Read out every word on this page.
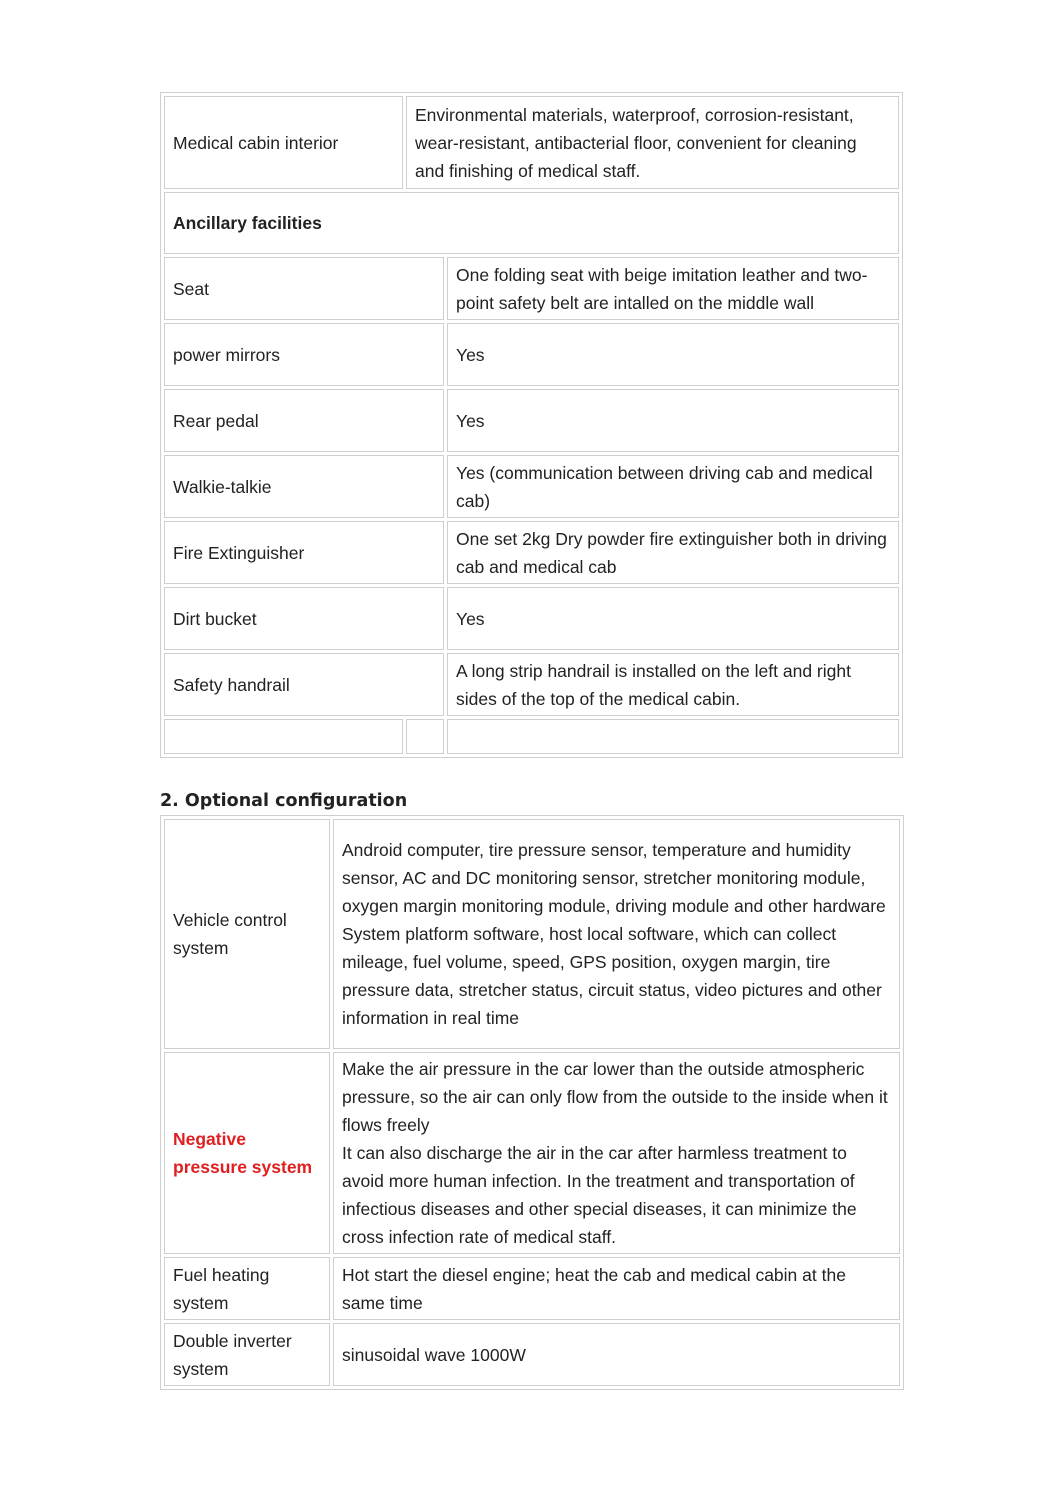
Medical cabin interior	Environmental materials, waterproof, corrosion-resistant, wear-resistant, antibacterial floor, convenient for cleaning and finishing of medical staff.	
Ancillary facilities		
Seat		One folding seat with beige imitation leather and two-point safety belt are intalled on the middle wall
power mirrors		Yes
Rear pedal		Yes
Walkie-talkie		Yes (communication between driving cab and medical cab)
Fire Extinguisher		One set 2kg Dry powder fire extinguisher both in driving cab and medical cab
Dirt bucket		Yes
Safety handrail		A long strip handrail is installed on the left and right sides of the top of the medical cabin.

2. Optional configuration
Vehicle control system	Android computer, tire pressure sensor, temperature and humidity sensor, AC and DC monitoring sensor, stretcher monitoring module, oxygen margin monitoring module, driving module and other hardware
System platform software, host local software, which can collect mileage, fuel volume, speed, GPS position, oxygen margin, tire pressure data, stretcher status, circuit status, video pictures and other information in real time

Negative pressure system	Make the air pressure in the car lower than the outside atmospheric pressure, so the air can only flow from the outside to the inside when it flows freely
It can also discharge the air in the car after harmless treatment to avoid more human infection. In the treatment and transportation of infectious diseases and other special diseases, it can minimize the cross infection rate of medical staff.

Fuel heating system	Hot start the diesel engine; heat the cab and medical cabin at the same time

Double inverter system	sinusoidal wave 1000W
